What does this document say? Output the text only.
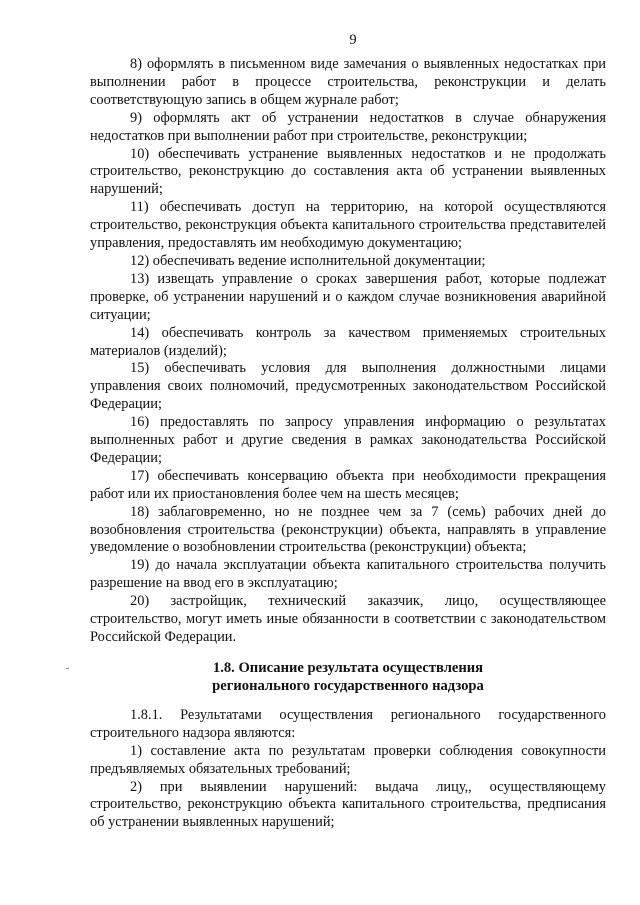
9

8) оформлять в письменном виде замечания о выявленных недостатках при выполнении работ в процессе строительства, реконструкции и делать соответствующую запись в общем журнале работ;

9) оформлять акт об устранении недостатков в случае обнаружения недостатков при выполнении работ при строительстве, реконструкции;

10) обеспечивать устранение выявленных недостатков и не продолжать строительство, реконструкцию до составления акта об устранении выявленных нарушений;

11) обеспечивать доступ на территорию, на которой осуществляются строительство, реконструкция объекта капитального строительства представителей управления, предоставлять им необходимую документацию;

12) обеспечивать ведение исполнительной документации;

13) извещать управление о сроках завершения работ, которые подлежат проверке, об устранении нарушений и о каждом случае возникновения аварийной ситуации;

14) обеспечивать контроль за качеством применяемых строительных материалов (изделий);

15) обеспечивать условия для выполнения должностными лицами управления своих полномочий, предусмотренных законодательством Российской Федерации;

16) предоставлять по запросу управления информацию о результатах выполненных работ и другие сведения в рамках законодательства Российской Федерации;

17) обеспечивать консервацию объекта при необходимости прекращения работ или их приостановления более чем на шесть месяцев;

18) заблаговременно, но не позднее чем за 7 (семь) рабочих дней до возобновления строительства (реконструкции) объекта, направлять в управление уведомление о возобновлении строительства (реконструкции) объекта;

19) до начала эксплуатации объекта капитального строительства получить разрешение на ввод его в эксплуатацию;

20) застройщик, технический заказчик, лицо, осуществляющее строительство, могут иметь иные обязанности в соответствии с законодательством Российской Федерации.

1.8. Описание результата осуществления
регионального государственного надзора

1.8.1. Результатами осуществления регионального государственного строительного надзора являются:

1) составление акта по результатам проверки соблюдения совокупности предъявляемых обязательных требований;

2) при выявлении нарушений: выдача лицу,, осуществляющему строительство, реконструкцию объекта капитального строительства, предписания об устранении выявленных нарушений;
